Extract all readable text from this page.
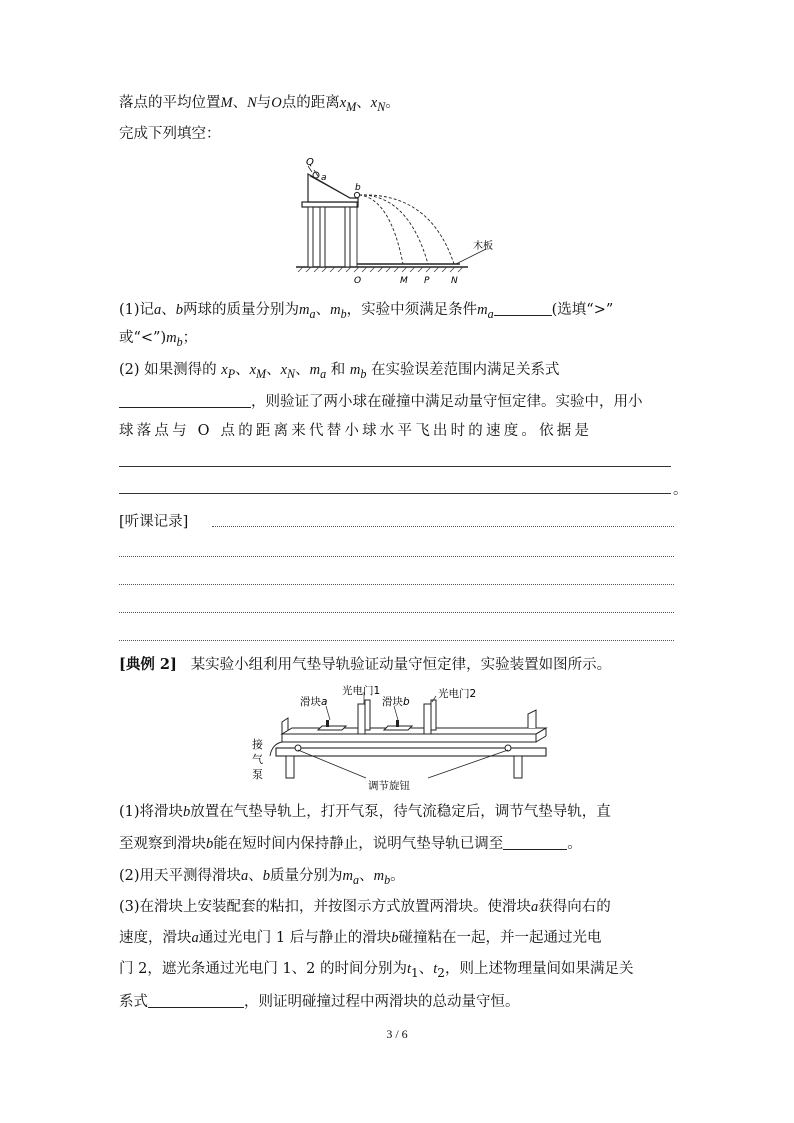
落点的平均位置M、N与O点的距离$x_M$、$x_N$。
完成下列填空：
Q
a
b
木板
O	M P N
(1)记a、b两球的质量分别为$m_a$、$m_b$，实验中须满足条件$m_a$	(选填“>”
或“$<”)m_b$；
(2) 如果测得的 $x_P$、$x_M$、$x_N$、$m_a$ 和 $m_b$ 在实验误差范围内满足关系式
，则验证了两小球在碰撞中满足动量守恒定律。实验中，用小
球落点与 O 点的距离来代替小球水平飞出时的速度。依据是
。
[听课记录]
[典例 2] 某实验小组利用气垫导轨验证动量守恒定律，实验装置如图所示。
滑块a
光电门1
滑块b
光电门2
接
气
泵
调节旋钮
(1)将滑块b放置在气垫导轨上，打开气泵，待气流稳定后，调节气垫导轨，直
至观察到滑块b能在短时间内保持静止，说明气垫导轨已调至	。
(2)用天平测得滑块a、b质量分别为$m_a$、$m_b$。
(3)在滑块上安装配套的粘扣，并按图示方式放置两滑块。使滑块a获得向右的
速度，滑块a通过光电门 1 后与静止的滑块b碰撞粘在一起，并一起通过光电
门 2，遮光条通过光电门 1、2 的时间分别为$t_1$、$t_2$，则上述物理量间如果满足关
系式	，则证明碰撞过程中两滑块的总动量守恒。
3 / 6
